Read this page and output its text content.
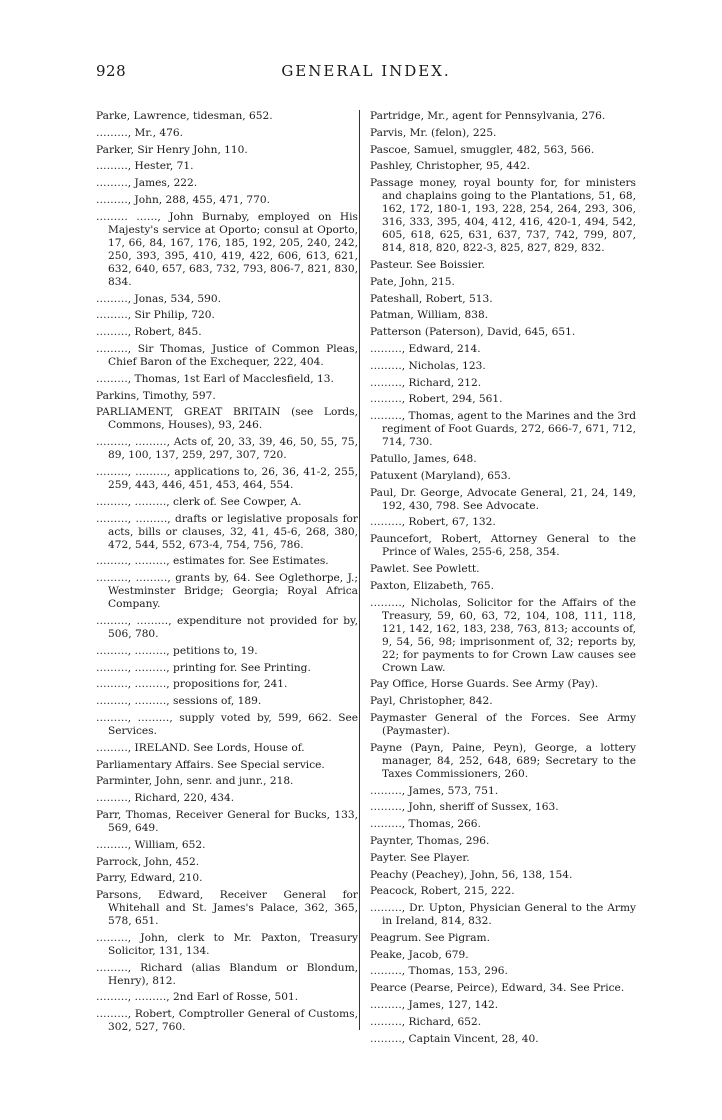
928	GENERAL INDEX.
Parke, Lawrence, tidesman, 652.
………, Mr., 476.
Parker, Sir Henry John, 110.
………, Hester, 71.
………, James, 222.
………, John, 288, 455, 471, 770.
……… ……, John Burnaby, employed on His Majesty's service at Oporto; consul at Oporto, 17, 66, 84, 167, 176, 185, 192, 205, 240, 242, 250, 393, 395, 410, 419, 422, 606, 613, 621, 632, 640, 657, 683, 732, 793, 806-7, 821, 830, 834.
………, Jonas, 534, 590.
………, Sir Philip, 720.
………, Robert, 845.
………, Sir Thomas, Justice of Common Pleas, Chief Baron of the Exchequer, 222, 404.
………, Thomas, 1st Earl of Macclesfield, 13.
Parkins, Timothy, 597.
PARLIAMENT, GREAT BRITAIN (see Lords, Commons, Houses), 93, 246.
………, ………, Acts of, 20, 33, 39, 46, 50, 55, 75, 89, 100, 137, 259, 297, 307, 720.
………, ………, applications to, 26, 36, 41-2, 255, 259, 443, 446, 451, 453, 464, 554.
………, ………, clerk of. See Cowper, A.
………, ………, drafts or legislative proposals for acts, bills or clauses, 32, 41, 45-6, 268, 380, 472, 544, 552, 673-4, 754, 756, 786.
………, ………, estimates for. See Estimates.
………, ………, grants by, 64. See Oglethorpe, J.; Westminster Bridge; Georgia; Royal Africa Company.
………, ………, expenditure not provided for by, 506, 780.
………, ………, petitions to, 19.
………, ………, printing for. See Printing.
………, ………, propositions for, 241.
………, ………, sessions of, 189.
………, ………, supply voted by, 599, 662. See Services.
………, IRELAND. See Lords, House of.
Parliamentary Affairs. See Special service.
Parminter, John, senr. and junr., 218.
………, Richard, 220, 434.
Parr, Thomas, Receiver General for Bucks, 133, 569, 649.
………, William, 652.
Parrock, John, 452.
Parry, Edward, 210.
Parsons, Edward, Receiver General for Whitehall and St. James's Palace, 362, 365, 578, 651.
………, John, clerk to Mr. Paxton, Treasury Solicitor, 131, 134.
………, Richard (alias Blandum or Blondum, Henry), 812.
………, ………, 2nd Earl of Rosse, 501.
………, Robert, Comptroller General of Customs, 302, 527, 760.
Partridge, Mr., agent for Pennsylvania, 276.
Parvis, Mr. (felon), 225.
Pascoe, Samuel, smuggler, 482, 563, 566.
Pashley, Christopher, 95, 442.
Passage money, royal bounty for, for ministers and chaplains going to the Plantations, 51, 68, 162, 172, 180-1, 193, 228, 254, 264, 293, 306, 316, 333, 395, 404, 412, 416, 420-1, 494, 542, 605, 618, 625, 631, 637, 737, 742, 799, 807, 814, 818, 820, 822-3, 825, 827, 829, 832.
Pasteur. See Boissier.
Pate, John, 215.
Pateshall, Robert, 513.
Patman, William, 838.
Patterson (Paterson), David, 645, 651.
………, Edward, 214.
………, Nicholas, 123.
………, Richard, 212.
………, Robert, 294, 561.
………, Thomas, agent to the Marines and the 3rd regiment of Foot Guards, 272, 666-7, 671, 712, 714, 730.
Patullo, James, 648.
Patuxent (Maryland), 653.
Paul, Dr. George, Advocate General, 21, 24, 149, 192, 430, 798. See Advocate.
………, Robert, 67, 132.
Pauncefort, Robert, Attorney General to the Prince of Wales, 255-6, 258, 354.
Pawlet. See Powlett.
Paxton, Elizabeth, 765.
………, Nicholas, Solicitor for the Affairs of the Treasury, 59, 60, 63, 72, 104, 108, 111, 118, 121, 142, 162, 183, 238, 763, 813; accounts of, 9, 54, 56, 98; imprisonment of, 32; reports by, 22; for payments to for Crown Law causes see Crown Law.
Pay Office, Horse Guards. See Army (Pay).
Payl, Christopher, 842.
Paymaster General of the Forces. See Army (Paymaster).
Payne (Payn, Paine, Peyn), George, a lottery manager, 84, 252, 648, 689; Secretary to the Taxes Commissioners, 260.
………, James, 573, 751.
………, John, sheriff of Sussex, 163.
………, Thomas, 266.
Paynter, Thomas, 296.
Payter. See Player.
Peachy (Peachey), John, 56, 138, 154.
Peacock, Robert, 215, 222.
………, Dr. Upton, Physician General to the Army in Ireland, 814, 832.
Peagrum. See Pigram.
Peake, Jacob, 679.
………, Thomas, 153, 296.
Pearce (Pearse, Peirce), Edward, 34. See Price.
………, James, 127, 142.
………, Richard, 652.
………, Captain Vincent, 28, 40.
